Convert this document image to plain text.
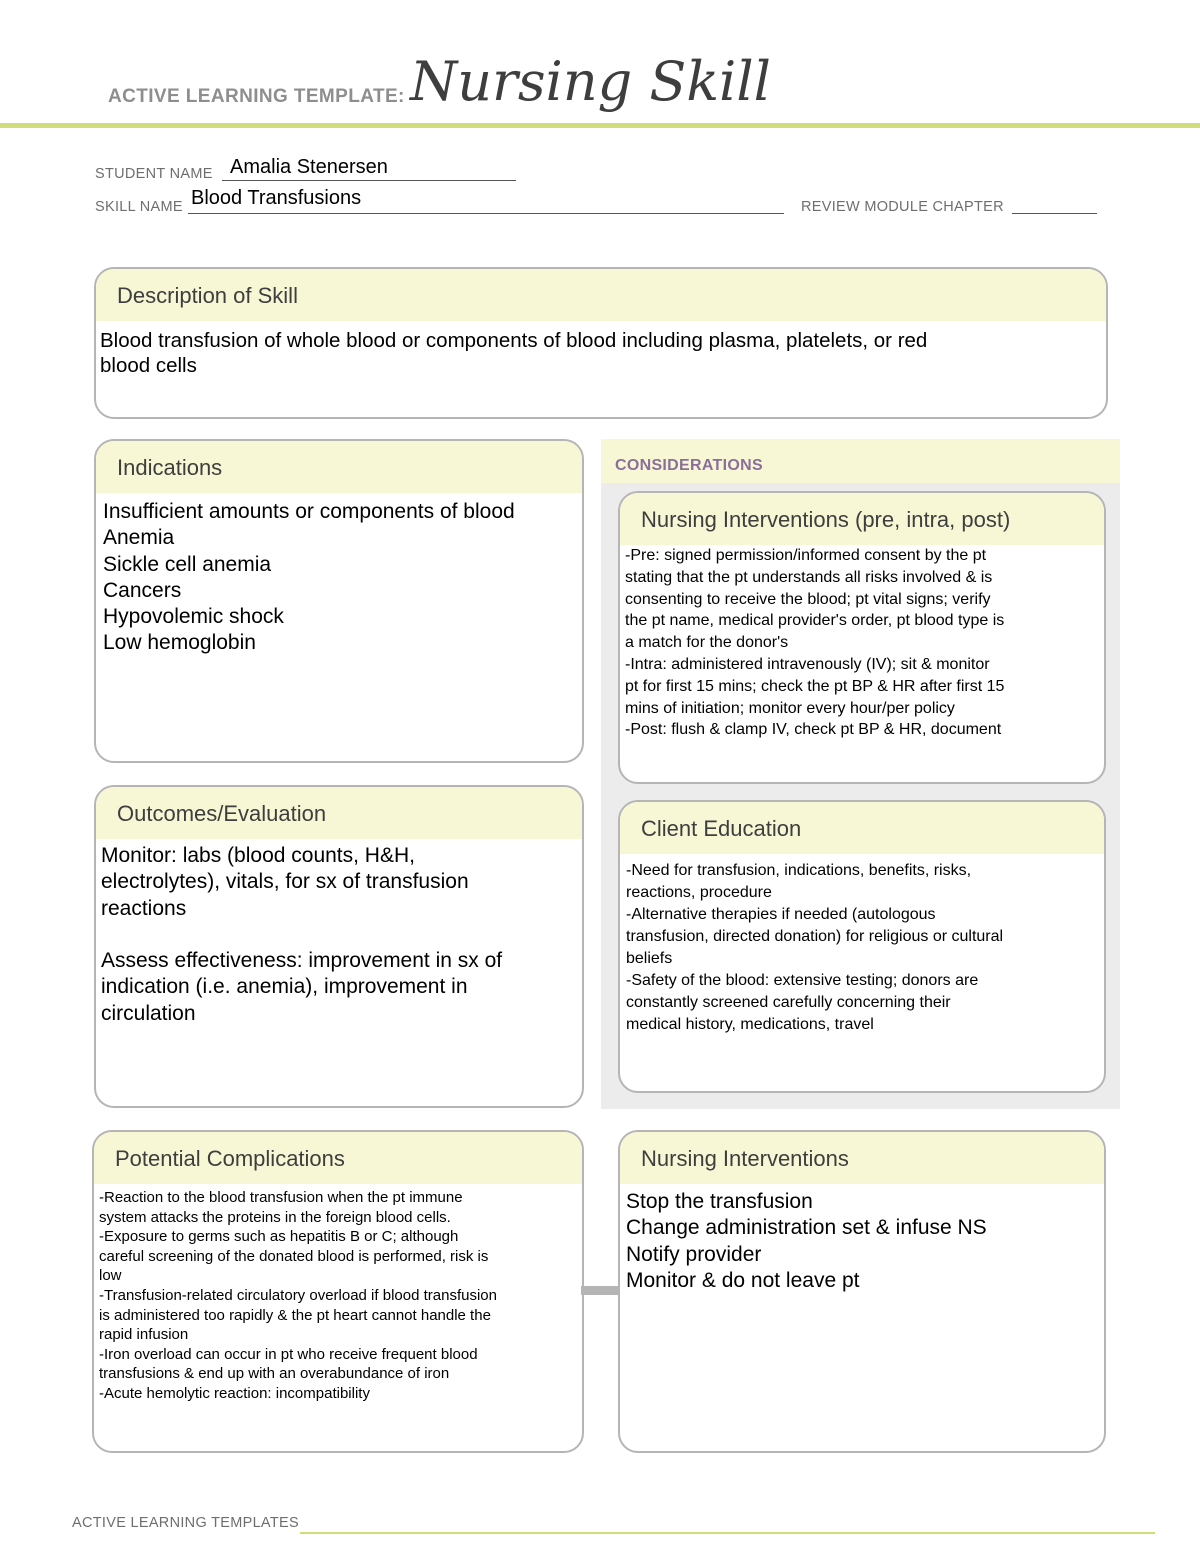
ACTIVE LEARNING TEMPLATE: Nursing Skill
STUDENT NAME Amalia Stenersen
SKILL NAME Blood Transfusions	REVIEW MODULE CHAPTER
Description of Skill
Blood transfusion of whole blood or components of blood including plasma, platelets, or red
blood cells
Indications
Insufficient amounts or components of blood
Anemia
Sickle cell anemia
Cancers
Hypovolemic shock
Low hemoglobin
CONSIDERATIONS
Nursing Interventions (pre, intra, post)
-Pre: signed permission/informed consent by the pt
stating that the pt understands all risks involved & is
consenting to receive the blood; pt vital signs; verify
the pt name, medical provider's order, pt blood type is
a match for the donor's
-Intra: administered intravenously (IV); sit & monitor
pt for first 15 mins; check the pt BP & HR after first 15
mins of initiation; monitor every hour/per policy
-Post: flush & clamp IV, check pt BP & HR, document
Client Education
-Need for transfusion, indications, benefits, risks,
reactions, procedure
-Alternative therapies if needed (autologous
transfusion, directed donation) for religious or cultural
beliefs
-Safety of the blood: extensive testing; donors are
constantly screened carefully concerning their
medical history, medications, travel
Outcomes/Evaluation
Monitor: labs (blood counts, H&H,
electrolytes), vitals, for sx of transfusion
reactions

Assess effectiveness: improvement in sx of
indication (i.e. anemia), improvement in
circulation
Potential Complications
-Reaction to the blood transfusion when the pt immune
system attacks the proteins in the foreign blood cells.
-Exposure to germs such as hepatitis B or C; although
careful screening of the donated blood is performed, risk is
low
-Transfusion-related circulatory overload if blood transfusion
is administered too rapidly & the pt heart cannot handle the
rapid infusion
-Iron overload can occur in pt who receive frequent blood
transfusions & end up with an overabundance of iron
-Acute hemolytic reaction: incompatibility
Nursing Interventions
Stop the transfusion
Change administration set & infuse NS
Notify provider
Monitor & do not leave pt
ACTIVE LEARNING TEMPLATES
